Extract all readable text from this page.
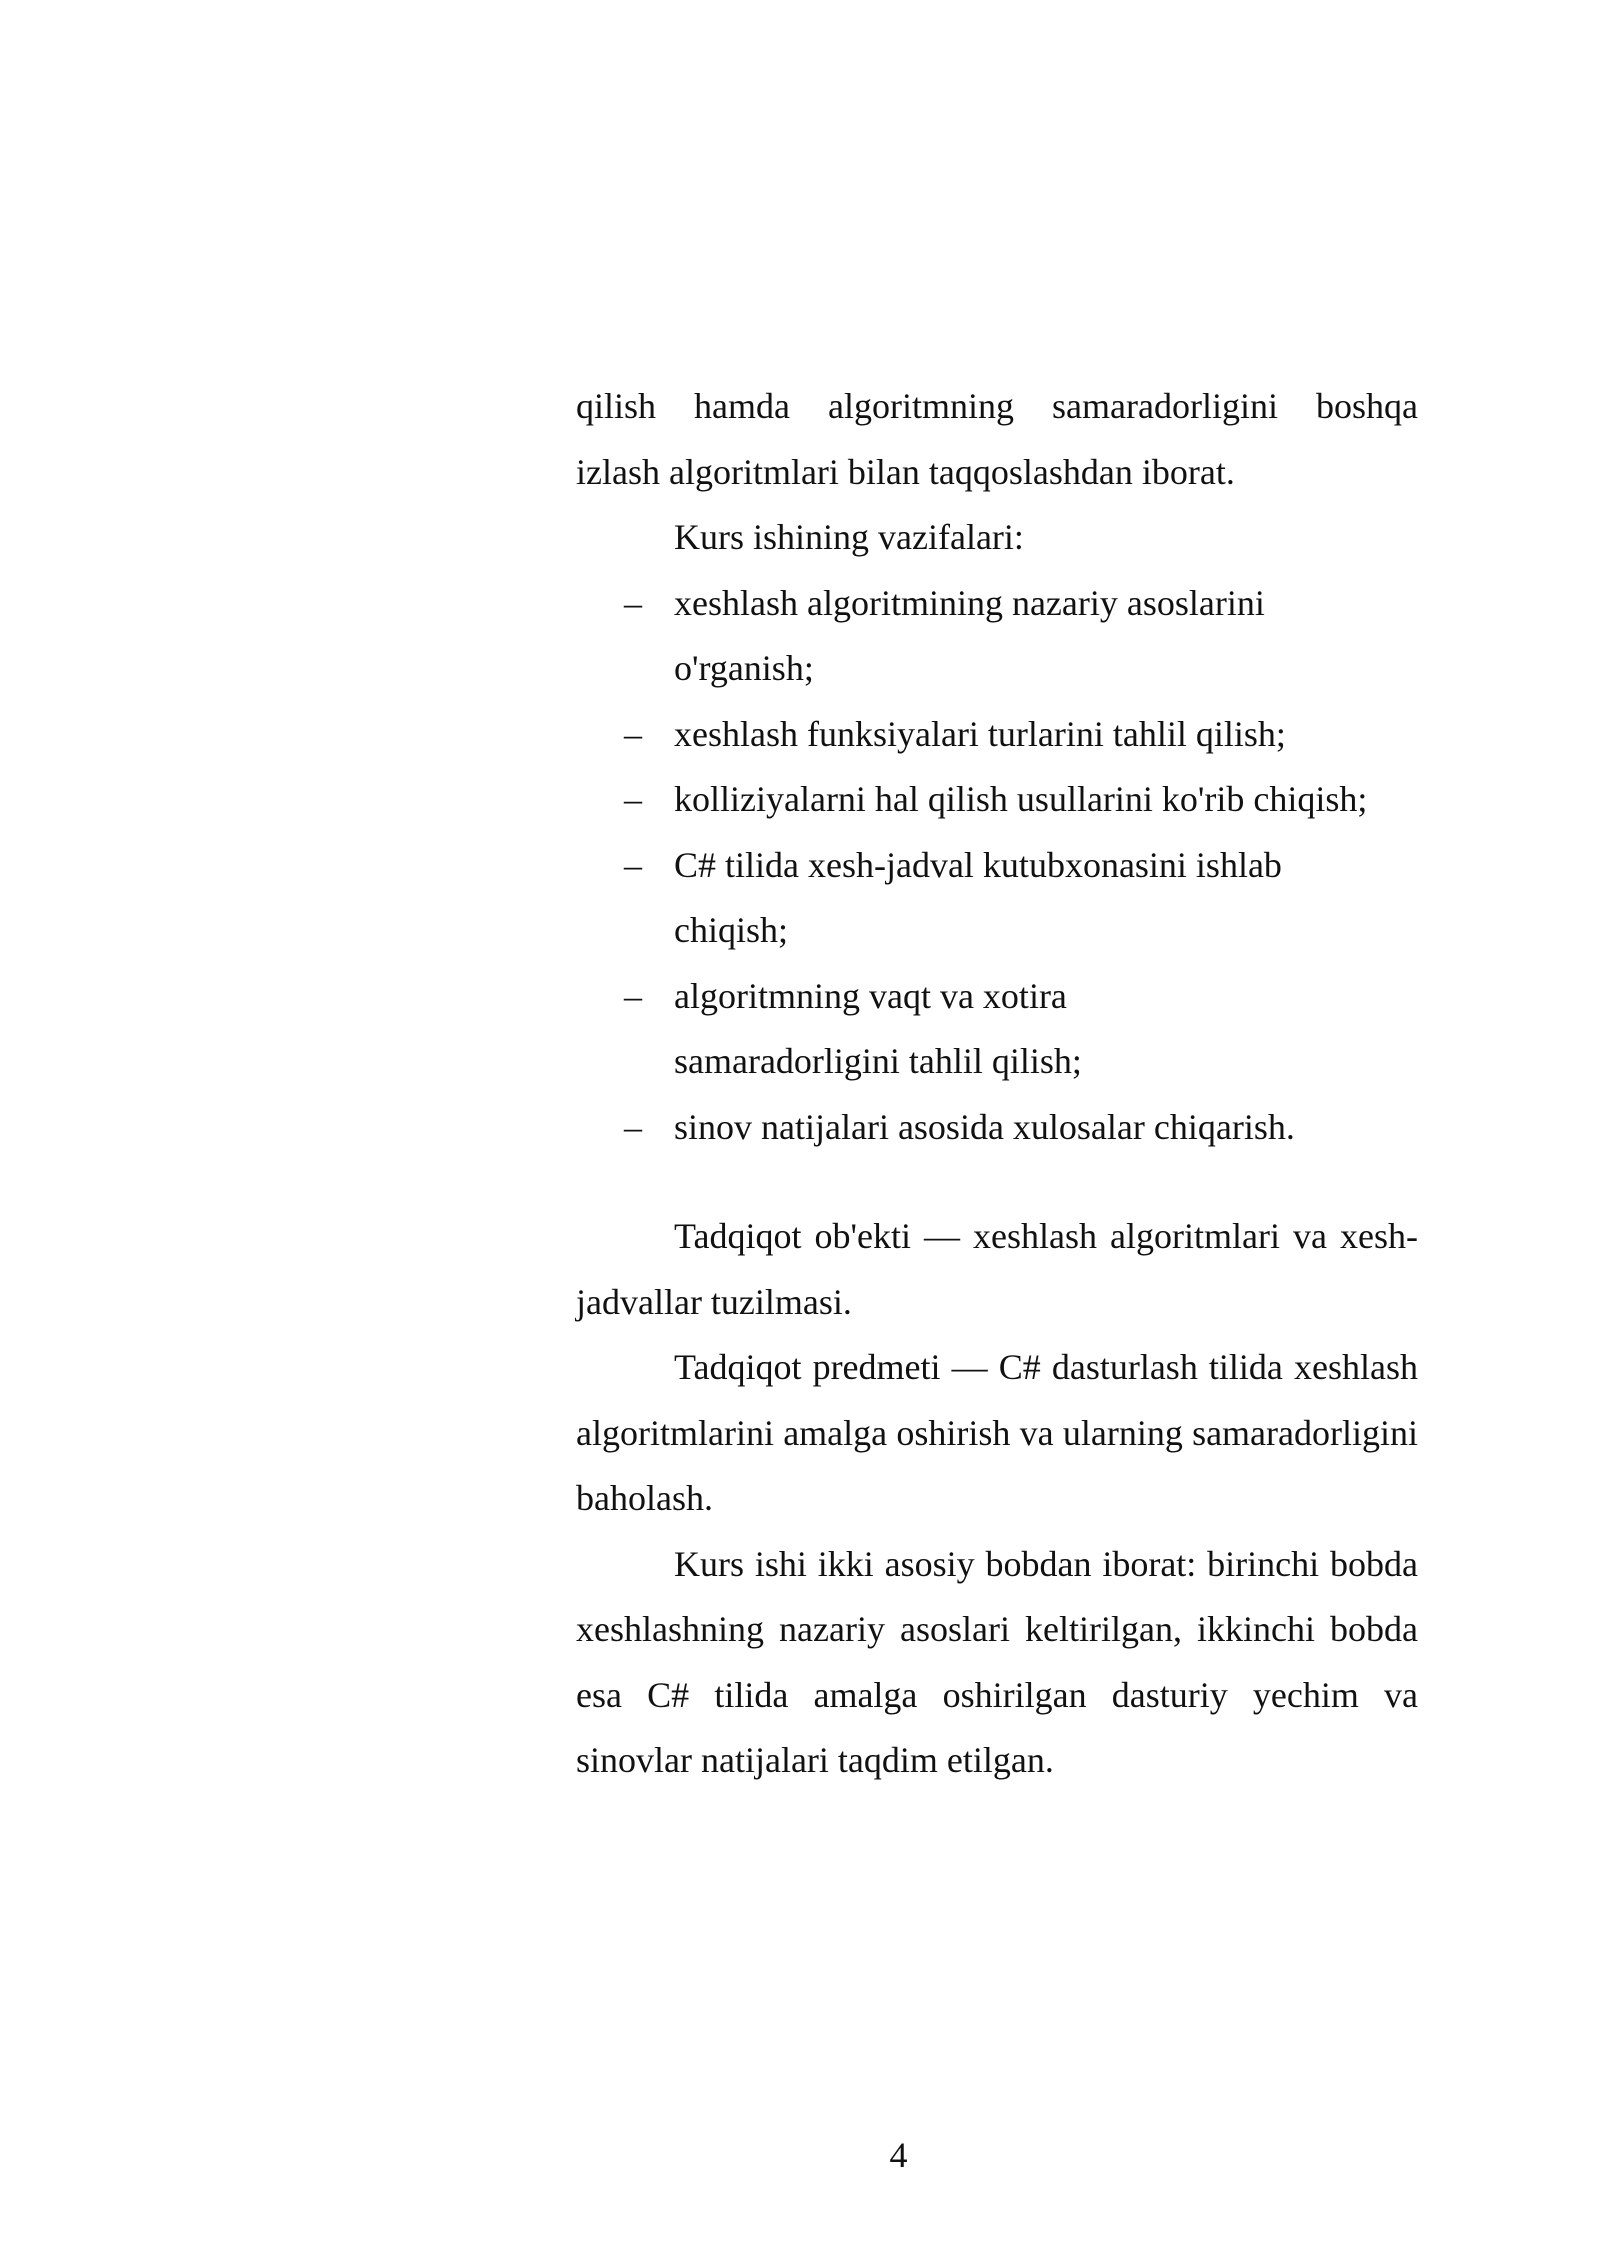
qilish hamda algoritmning samaradorligini boshqa

izlash algoritmlari bilan taqqoslashdan iborat.

Kurs ishining vazifalari:

– xeshlash algoritmining nazariy asoslarini o'rganish;
– xeshlash funksiyalari turlarini tahlil qilish;
– kolliziyalarni hal qilish usullarini ko'rib chiqish;
– C# tilida xesh-jadval kutubxonasini ishlab chiqish;
– algoritmning vaqt va xotira samaradorligini tahlil qilish;
– sinov natijalari asosida xulosalar chiqarish.

Tadqiqot ob'ekti — xeshlash algoritmlari va xesh-jadvallar tuzilmasi.

Tadqiqot predmeti — C# dasturlash tilida xeshlash algoritmlarini amalga oshirish va ularning samaradorligini baholash.

Kurs ishi ikki asosiy bobdan iborat: birinchi bobda xeshlashning nazariy asoslari keltirilgan, ikkinchi bobda esa C# tilida amalga oshirilgan dasturiy yechim va sinovlar natijalari taqdim etilgan.

4
